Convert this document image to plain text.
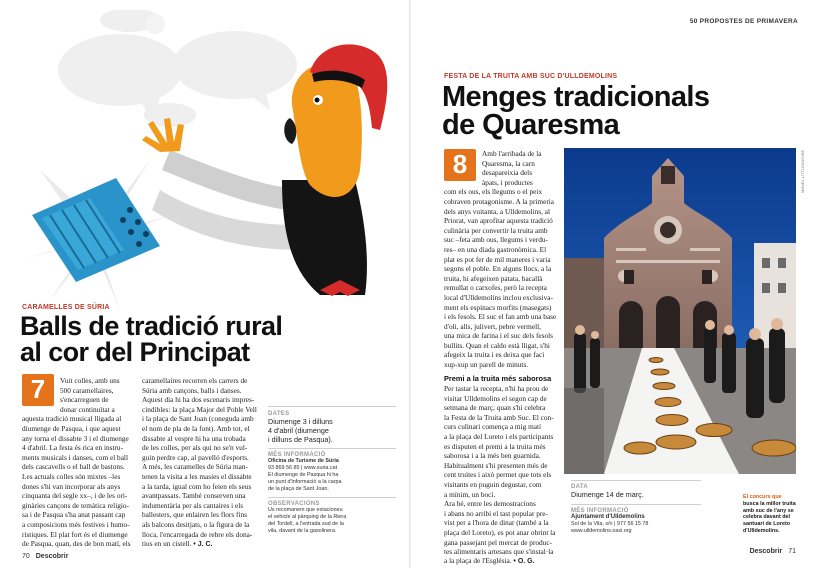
CARAMELLES DE SÚRIA
Balls de tradició rural
al cor del Principat
7	Vuit colles, amb uns
500 caramellaires,
s'encarreguen de
donar continuïtat a
aquesta tradició musical lligada al
diumenge de Pasqua, i que aquest
any torna el dissabte 3 i el diumenge
4 d'abril. La festa és rica en instru-
ments musicals i danses, com el ball
dels cascavells o el ball de bastons.
Les actuals colles són mixtes –les
dones s'hi van incorporar als anys
cinquanta del segle xx–, i de les ori-
ginàries cançons de temàtica religio-
sa i de Pasqua s'ha anat passant cap
a composicions més festives i humo-
rístiques. El plat fort és el diumenge
de Pasqua, quan, des de bon matí, els
caramellaires recorren els carrers de
Súria amb cançons, balls i danses.
Aquest dia hi ha dos escenaris impres-
cindibles: la plaça Major del Poble Vell
i la plaça de Sant Joan (coneguda amb
el nom de pla de la font). Amb tot, el
dissabte al vespre hi ha una trobada
de les colles, per als qui no se'n vul-
guin perdre cap, al pavelló d'esports.
A més, les caramelles de Súria man-
tenen la visita a les masies el dissabte
a la tarda, igual com ho feien els seus
avantpassats. També conserven una
indumentària per als cantaires i els
ballesters, que enlairen les flors fins
als balcons desitjats, o la figura de la
lloca, l'encarregada de rebre els dona-
tius en un cistell. • J. C.
DATES
Diumenge 3 i dilluns
4 d'abril (diumenge
i dilluns de Pasqua).
MÉS INFORMACIÓ
Oficina de Turisme de Súria
93 869 56 85 | www.suria.cat
El diumenge de Pasqua hi ha
un punt d'informació a la carpa
de la plaça de Sant Joan.
OBSERVACIONS
Us recomanem que estacioneu
el vehicle al pàrquing de la Riera
del Tordell, a l'entrada sud de la
vila, davant de la gasolinera.
70 Descobrir
50 PROPOSTES DE PRIMAVERA
FESTA DE LA TRUITA AMB SUC D'ULLDEMOLINS
Menges tradicionals
de Quaresma
8	Amb l'arribada de la
Quaresma, la carn
desapareixia dels
àpats, i productes
com els ous, els llegums o el peix
cobraven protagonisme. A la primeria
dels anys vuitanta, a Ulldemolins, al
Priorat, van aprofitar aquesta tradició
culinària per convertir la truita amb
suc –feta amb ous, llegums i verdu-
res– en una diada gastronòmica. El
plat es pot fer de mil maneres i varia
segons el poble. En alguns llocs, a la
truita, hi afegeixen patata, bacallà
remullat o carxofes, però la recepta
local d'Ulldemolins inclou exclusiva-
ment els espinacs morfits (masegats)
i els fesols. El suc el fan amb una base
d'oli, alls, julivert, pebre vermell,
una mica de farina i el suc dels fesols
bullits. Quan el caldo està lligat, s'hi
afegeix la truita i es deixa que faci
xup-xup un parell de minuts.
Premi a la truita més saborosa
Per tastar la recepta, n'hi ha prou de
visitar Ulldemolins el segon cap de
setmana de març, quan s'hi celebra
la Festa de la Truita amb Suc. El con-
curs culinari comença a mig matí
a la plaça del Loreto i els participants
es disputen el premi a la truita més
saborosa i a la més ben guarnida.
Habitualment s'hi presenten més de
cent truites i això permet que tots els
visitants en puguin degustar, com
a mínim, un bocí.
Ara bé, entre les demostracions
i abans no arribi el tast popular pre-
vist per a l'hora de dinar (també a la
plaça del Loreto), es pot anar obrint la
gana passejant pel mercat de produc-
tes alimentaris artesans que s'instal·la
a la plaça de l'Església. • O. G.
MANEL LITTLEANCHIE
DATA
Diumenge 14 de març.
MÉS INFORMACIÓ
Ajuntament d'Ulldemolins
Sol de la Vila, s/n | 977 56 15 78
www.ulldemolins.oasi.org
El concurs que
busca la millor truita
amb suc de l'any se
celebra davant del
santuari de Loreto
d'Ulldemolins.
Descobrir 71
